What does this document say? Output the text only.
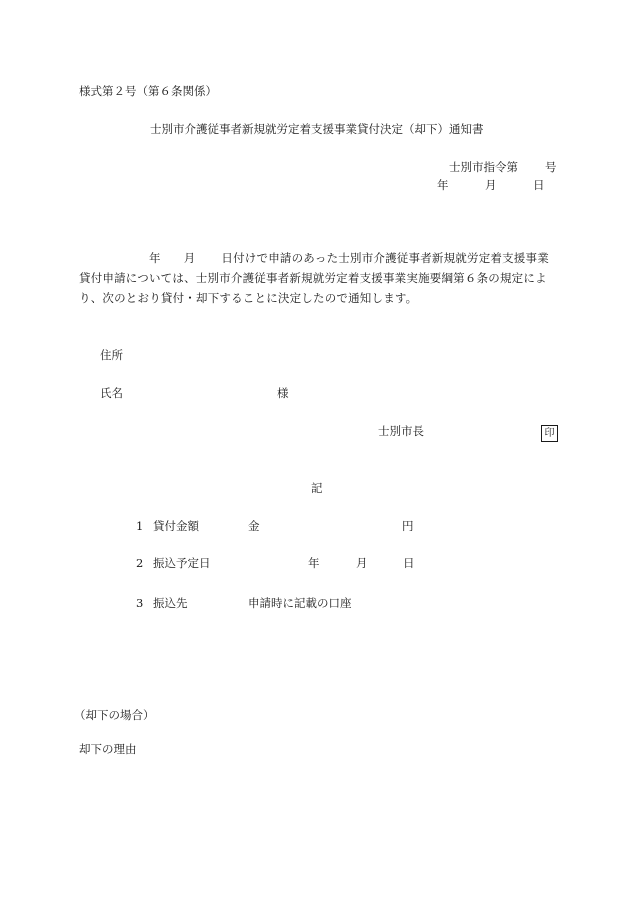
様式第２号（第６条関係）
士別市介護従事者新規就労定着支援事業貸付決定（却下）通知書
士別市指令第 号
年	月	日
年 月 日付けで申請のあった士別市介護従事者新規就労定着支援事業貸付申請については、士別市介護従事者新規就労定着支援事業実施要綱第６条の規定により、次のとおり貸付・却下することに決定したので通知します。
住所
氏名	様
士別市長	印
記
1 貸付金額	金	円
2 振込予定日	年	月	日
3 振込先	申請時に記載の口座
（却下の場合）
却下の理由
